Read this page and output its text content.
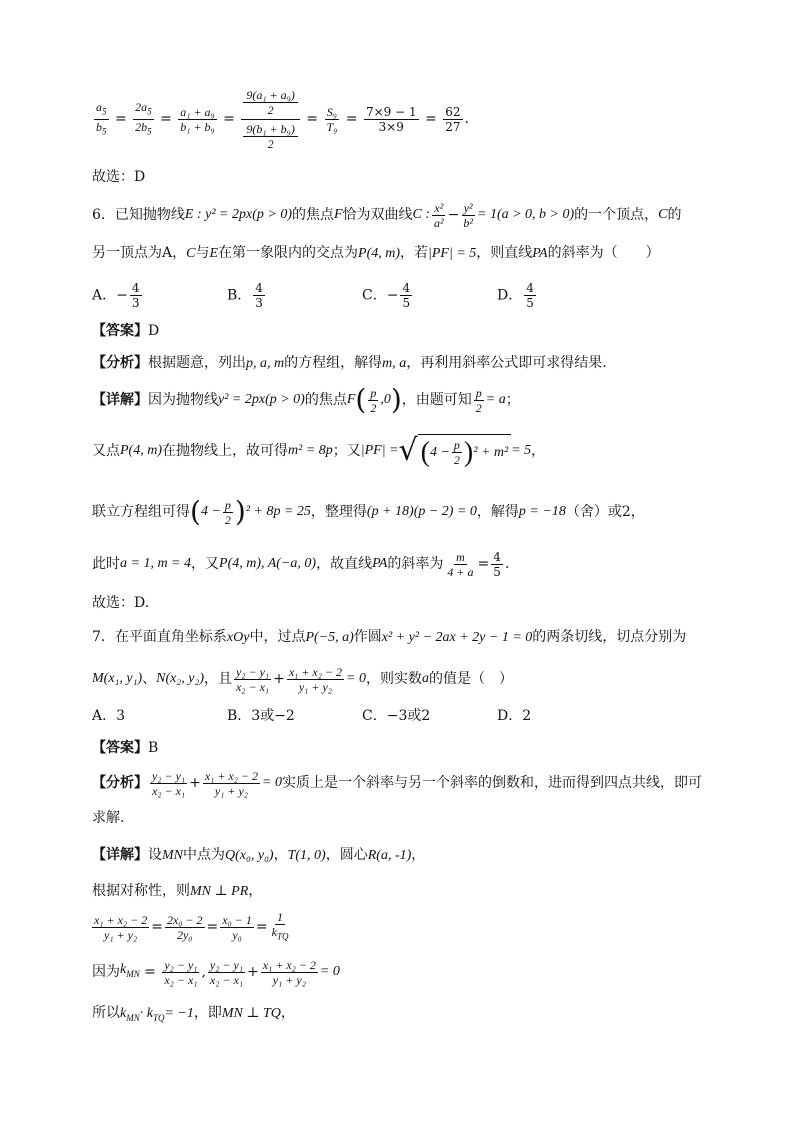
$\frac{a_5}{b_5} = \frac{2a_5}{2b_5} = \frac{\text{a₁ + a₉}}{\text{b₁ + b₉}} = \frac{\frac{\text{9(a₁ + a₉)}}{2}}{\frac{\text{9(b₁ + b₉)}}{2}} = \frac{\text{S₉}}{\text{T₉}} = \frac{7\times 9 - 1}{3\times 9} = \frac{62}{27}$ .
故选：D
6．已知抛物线 E : y² = 2px(p > 0) 的焦点 F 恰为双曲线 C : $\frac{\text{x²}}{\text{a²}} - \frac{\text{y²}}{\text{b²}} = 1(a > 0$, b > 0) 的一个顶点， C 的
另一顶点为A，C与E在第一象限内的交点为P(4, m)，若|PF| = 5，则直线PA的斜率为（　　）
A．− $\frac{4}{3}$	B． $\frac{4}{3}$	C．− $\frac{4}{5}$	D． $\frac{4}{5}$
【答案】D
【分析】根据题意，列出p, a, m的方程组，解得m, a，再利用斜率公式即可求得结果.
【详解】 因为抛物线 y² = 2px(p > 0) 的焦点 F ( $\frac{p}{2} ,0$ ) ，由题可知 $\frac{p}{2} = a$ ；
又点 P(4, m) 在抛物线上，故可得 m² = 8p ；又 |PF| = √ ( $4 - \frac{p}{2}$ ) ² + m² = 5 ，
联立方程组可得 ( $4 - \frac{p}{2}$ ) ² + 8p = 25 ，整理得 (p + 18)(p − 2) = 0 ，解得 p = −18 （舍）或 2 ，
此时 a = 1, m = 4 ，又 P(4, m), A(−a, 0) ，故直线 PA 的斜率为 $\frac{m}{4 + a} = \frac{4}{5}$ .
故选：D.
7．在平面直角坐标系xOy中，过点P(−5, a)作圆x² + y² − 2ax + 2y − 1 = 0的两条切线，切点分别为
M(x₁, y₁) 、 N(x₂, y₂) ，且 $\frac{\text{y₂ − y₁}}{\text{x₂ − x₁}} + \frac{\text{x₁ + x₂ − 2}}{\text{y₁ + y₂}} = 0$ ，则实数 a 的值是（　）
A．3	B．3或−2	C．−3或2	D．2
【答案】B
【分析】 $\frac{\text{y₂ − y₁}}{\text{x₂ − x₁}} + \frac{\text{x₁ + x₂ − 2}}{\text{y₁ + y₂}} = 0$ 实质上是一个斜率与另一个斜率的倒数和，进而得到四点共线，即可
求解.
【详解】设MN中点为Q(x₀, y₀)，T(1, 0)，圆心R(a, -1)，
根据对称性，则MN ⊥ PR，
$\frac{\text{x₁ + x₂ − 2}}{\text{y₁ + y₂}} = \frac{\text{2x₀ − 2}}{\text{2y₀}} = \frac{\text{x₀ − 1}}{\text{y₀}} = \frac{1}{k_{TQ}}$
因为 $k_{MN} = \frac{\text{y₂ − y₁}}{\text{x₂ − x₁}}$ , $\frac{\text{y₂ − y₁}}{\text{x₂ − x₁}} + \frac{\text{x₁ + x₂ − 2}}{\text{y₁ + y₂}} = 0$
所以$k_{MN}\cdot k_{TQ}= -1$，即MN ⊥ TQ，
